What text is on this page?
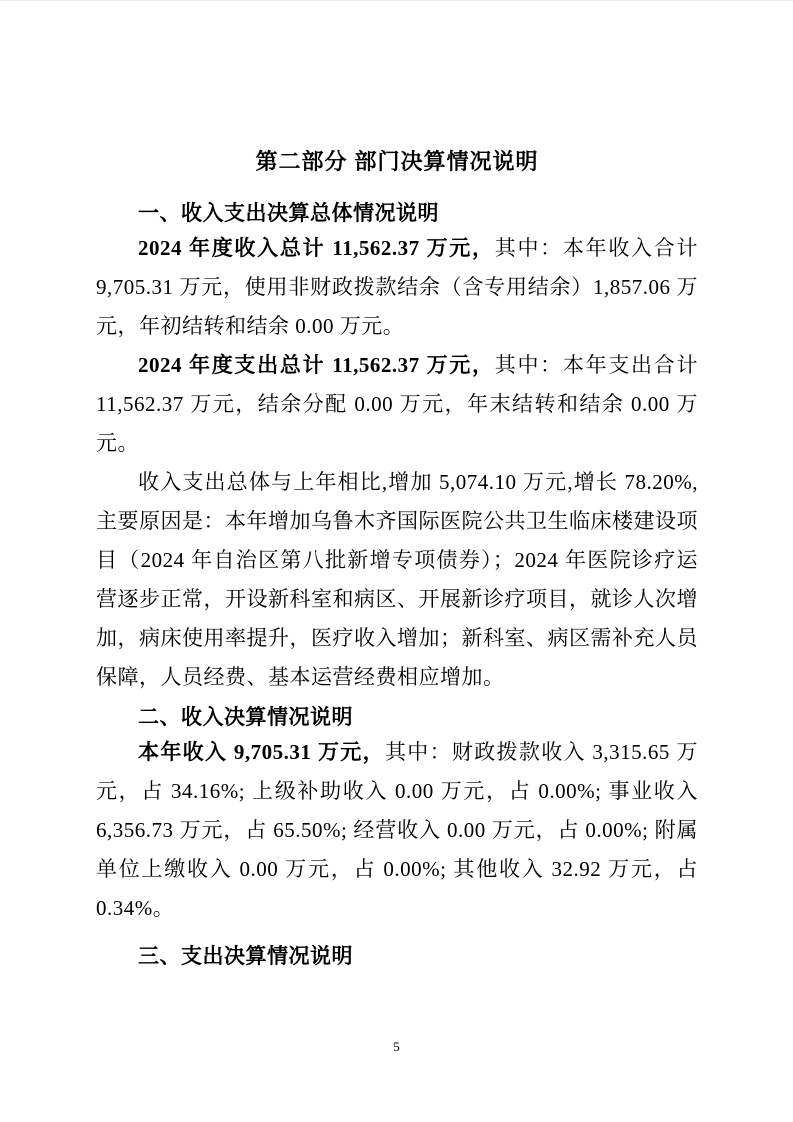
第二部分 部门决算情况说明
一、收入支出决算总体情况说明

2024 年度收入总计 11,562.37 万元，其中：本年收入合计 9,705.31 万元，使用非财政拨款结余（含专用结余）1,857.06 万元，年初结转和结余 0.00 万元。

2024 年度支出总计 11,562.37 万元，其中：本年支出合计 11,562.37 万元，结余分配 0.00 万元，年末结转和结余 0.00 万元。

收入支出总体与上年相比,增加 5,074.10 万元,增长 78.20%,主要原因是：本年增加乌鲁木齐国际医院公共卫生临床楼建设项目（2024 年自治区第八批新增专项债券）；2024 年医院诊疗运营逐步正常，开设新科室和病区、开展新诊疗项目，就诊人次增加，病床使用率提升，医疗收入增加；新科室、病区需补充人员保障，人员经费、基本运营经费相应增加。

二、收入决算情况说明

本年收入 9,705.31 万元，其中：财政拨款收入 3,315.65 万元，占 34.16%; 上级补助收入 0.00 万元，占 0.00%; 事业收入 6,356.73 万元，占 65.50%; 经营收入 0.00 万元，占 0.00%; 附属单位上缴收入 0.00 万元，占 0.00%; 其他收入 32.92 万元，占 0.34%。

三、支出决算情况说明
5
